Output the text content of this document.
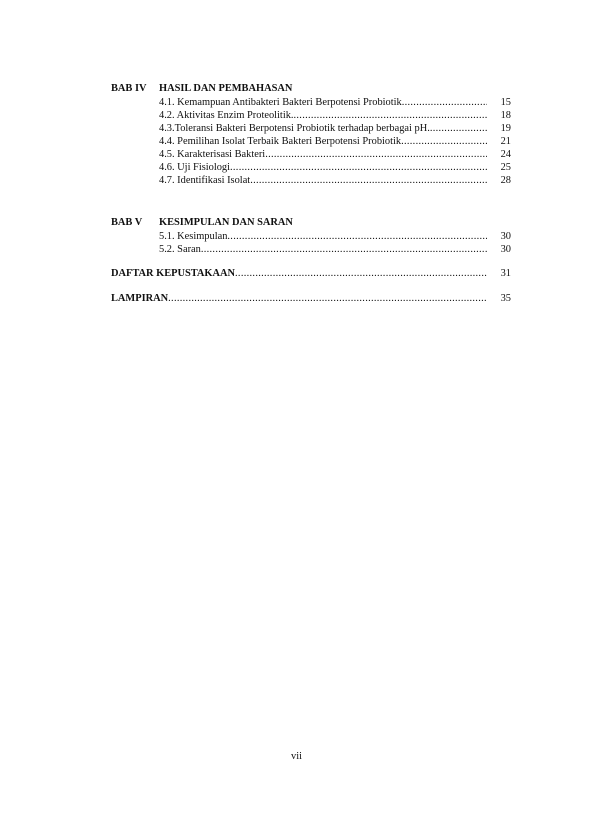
BAB IV	HASIL DAN PEMBAHASAN
4.1. Kemampuan Antibakteri Bakteri Berpotensi Probiotik .....	15
4.2. Aktivitas Enzim Proteolitik. .....	18
4.3.Toleransi Bakteri Berpotensi Probiotik terhadap berbagai pH. .....	19
4.4. Pemilihan Isolat Terbaik Bakteri Berpotensi Probiotik .....	21
4.5. Karakterisasi Bakteri .....	24
4.6. Uji Fisiologi .....	25
4.7. Identifikasi Isolat .....	28
BAB V	KESIMPULAN DAN SARAN
5.1. Kesimpulan .....	30
5.2. Saran .....	30
DAFTAR KEPUSTAKAAN .....	31
LAMPIRAN .....	35
vii
